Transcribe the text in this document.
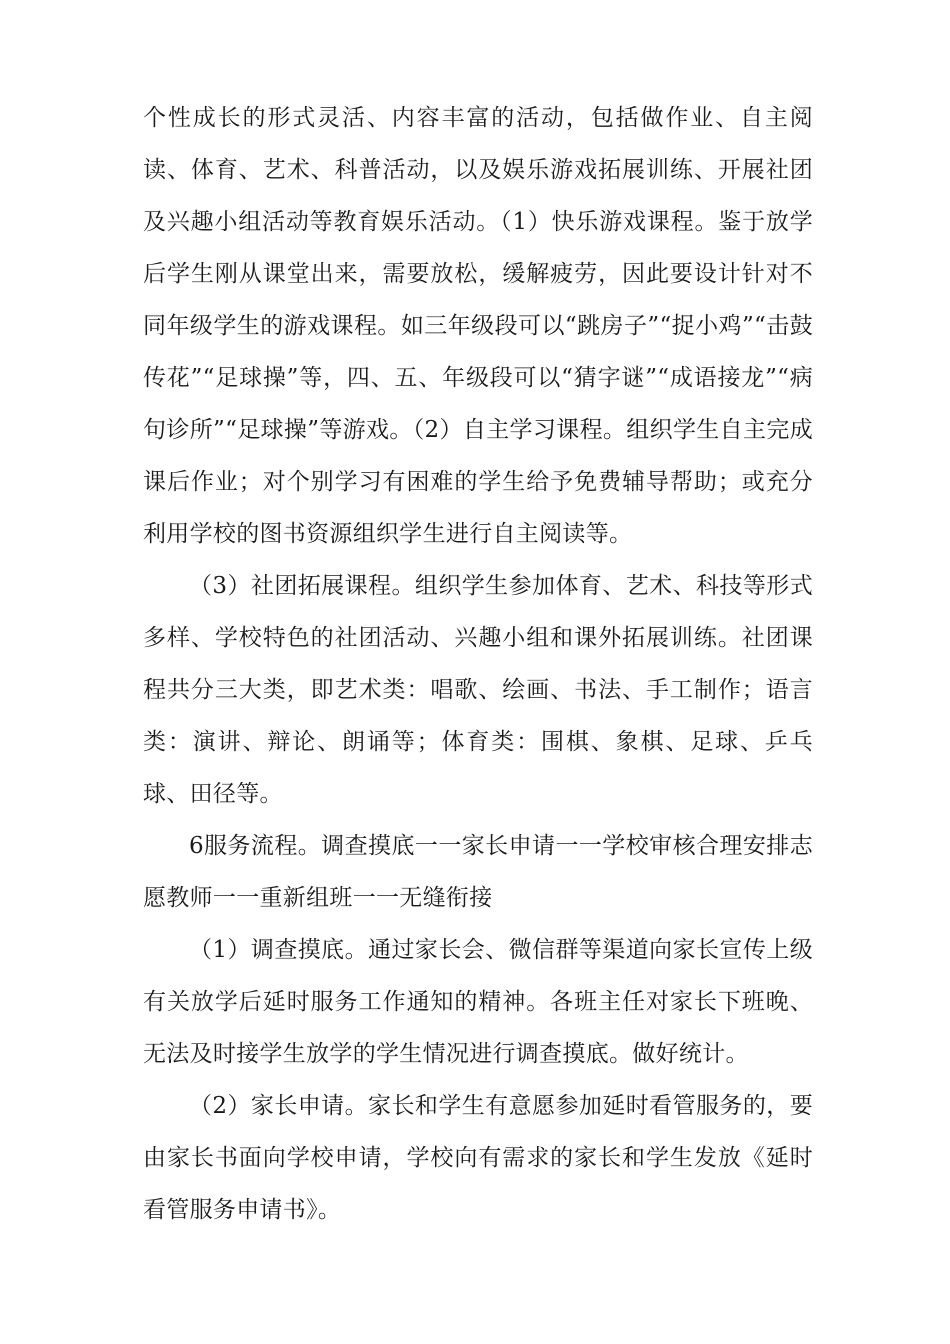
个性成长的形式灵活、内容丰富的活动，包括做作业、自主阅读、体育、艺术、科普活动，以及娱乐游戏拓展训练、开展社团及兴趣小组活动等教育娱乐活动。（1）快乐游戏课程。鉴于放学后学生刚从课堂出来，需要放松，缓解疲劳，因此要设计针对不同年级学生的游戏课程。如三年级段可以“跳房子”“捉小鸡”“击鼓传花”“足球操”等，四、五、年级段可以“猜字谜”“成语接龙”“病句诊所”“足球操”等游戏。（2）自主学习课程。组织学生自主完成课后作业；对个别学习有困难的学生给予免费辅导帮助；或充分利用学校的图书资源组织学生进行自主阅读等。

（3）社团拓展课程。组织学生参加体育、艺术、科技等形式多样、学校特色的社团活动、兴趣小组和课外拓展训练。社团课程共分三大类，即艺术类：唱歌、绘画、书法、手工制作；语言类：演讲、辩论、朗诵等；体育类：围棋、象棋、足球、乒乓球、田径等。

6服务流程。调查摸底一一家长申请一一学校审核合理安排志愿教师一一重新组班一一无缝衔接

（1）调查摸底。通过家长会、微信群等渠道向家长宣传上级有关放学后延时服务工作通知的精神。各班主任对家长下班晚、无法及时接学生放学的学生情况进行调查摸底。做好统计。

（2）家长申请。家长和学生有意愿参加延时看管服务的，要由家长书面向学校申请，学校向有需求的家长和学生发放《延时看管服务申请书》。
